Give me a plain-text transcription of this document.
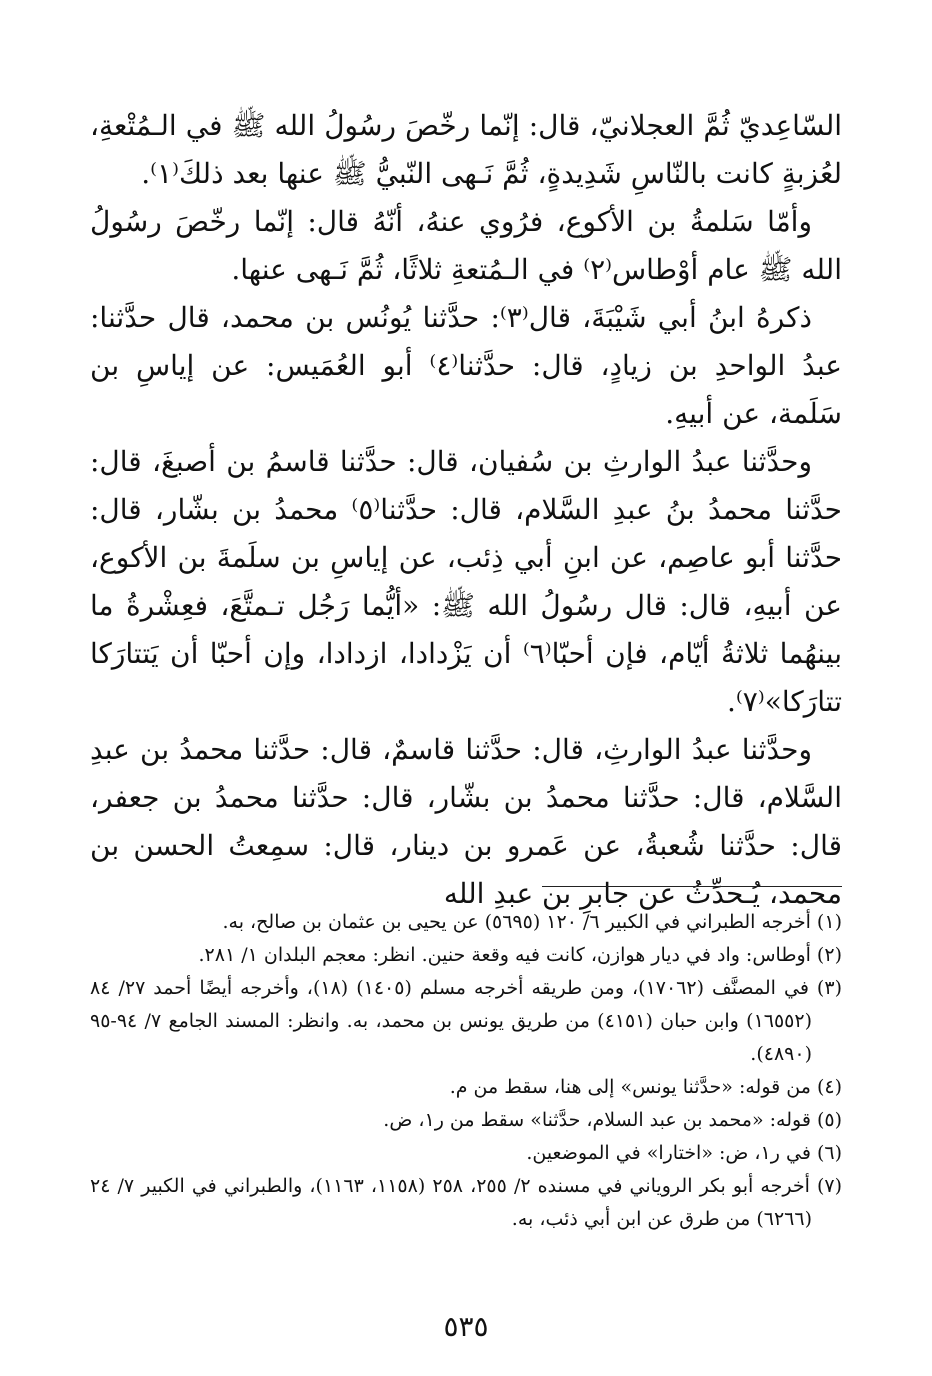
السّاعِديّ ثُمَّ العجلانيّ، قال: إنّما رخّصَ رسُولُ الله ﷺ في الـمُتْعةِ، لعُزبةٍ كانت بالنّاسِ شَدِيدةٍ، ثُمَّ نَـهى النّبيُّ ﷺ عنها بعد ذلكَ⁽١⁾.

وأمّا سَلمةُ بن الأكوع، فرُوي عنهُ، أنّهُ قال: إنّما رخّصَ رسُولُ الله ﷺ عام أوْطاس⁽٢⁾ في الـمُتعةِ ثلاثًا، ثُمَّ نَـهى عنها.

ذكرهُ ابنُ أبي شَيْبَةَ، قال⁽٣⁾: حدَّثنا يُونُس بن محمد، قال حدَّثنا: عبدُ الواحدِ بن زيادٍ، قال: حدَّثنا⁽٤⁾ أبو العُمَيس: عن إياسِ بن سَلَمة، عن أبيهِ.

وحدَّثنا عبدُ الوارثِ بن سُفيان، قال: حدَّثنا قاسمُ بن أصبغَ، قال: حدَّثنا محمدُ بنُ عبدِ السَّلام، قال: حدَّثنا⁽٥⁾ محمدُ بن بشّار، قال: حدَّثنا أبو عاصِم، عن ابنِ أبي ذِئب، عن إياسِ بن سلَمةَ بن الأكوع، عن أبيهِ، قال: قال رسُولُ الله ﷺ: «أيُّما رَجُل تـمتَّعَ، فعِشْرةُ ما بينهُما ثلاثةُ أيّام، فإن أحبّا⁽٦⁾ أن يَزْدادا، ازدادا، وإن أحبّا أن يَتتارَكا تتارَكا»⁽٧⁾.

وحدَّثنا عبدُ الوارثِ، قال: حدَّثنا قاسمٌ، قال: حدَّثنا محمدُ بن عبدِ السَّلام، قال: حدَّثنا محمدُ بن بشّار، قال: حدَّثنا محمدُ بن جعفر، قال: حدَّثنا شُعبةُ، عن عَمرو بن دينار، قال: سمِعتُ الحسن بن محمد، يُـحدِّثُ عن جابرِ بن عبدِ الله

(١) أخرجه الطبراني في الكبير ٦/ ١٢٠ (٥٦٩٥) عن يحيى بن عثمان بن صالح، به.

(٢) أوطاس: واد في ديار هوازن، كانت فيه وقعة حنين. انظر: معجم البلدان ١/ ٢٨١.

(٣) في المصنَّف (١٧٠٦٢)، ومن طريقه أخرجه مسلم (١٤٠٥) (١٨)، وأخرجه أيضًا أحمد ٢٧/ ٨٤ (١٦٥٥٢) وابن حبان (٤١٥١) من طريق يونس بن محمد، به. وانظر: المسند الجامع ٧/ ٩٤-٩٥ (٤٨٩٠).

(٤) من قوله: «حدَّثنا يونس» إلى هنا، سقط من م.

(٥) قوله: «محمد بن عبد السلام، حدَّثنا» سقط من ر١، ض.

(٦) في ر١، ض: «اختارا» في الموضعين.

(٧) أخرجه أبو بكر الروياني في مسنده ٢/ ٢٥٥، ٢٥٨ (١١٥٨، ١١٦٣)، والطبراني في الكبير ٧/ ٢٤ (٦٢٦٦) من طرق عن ابن أبي ذئب، به.

٥٣٥
